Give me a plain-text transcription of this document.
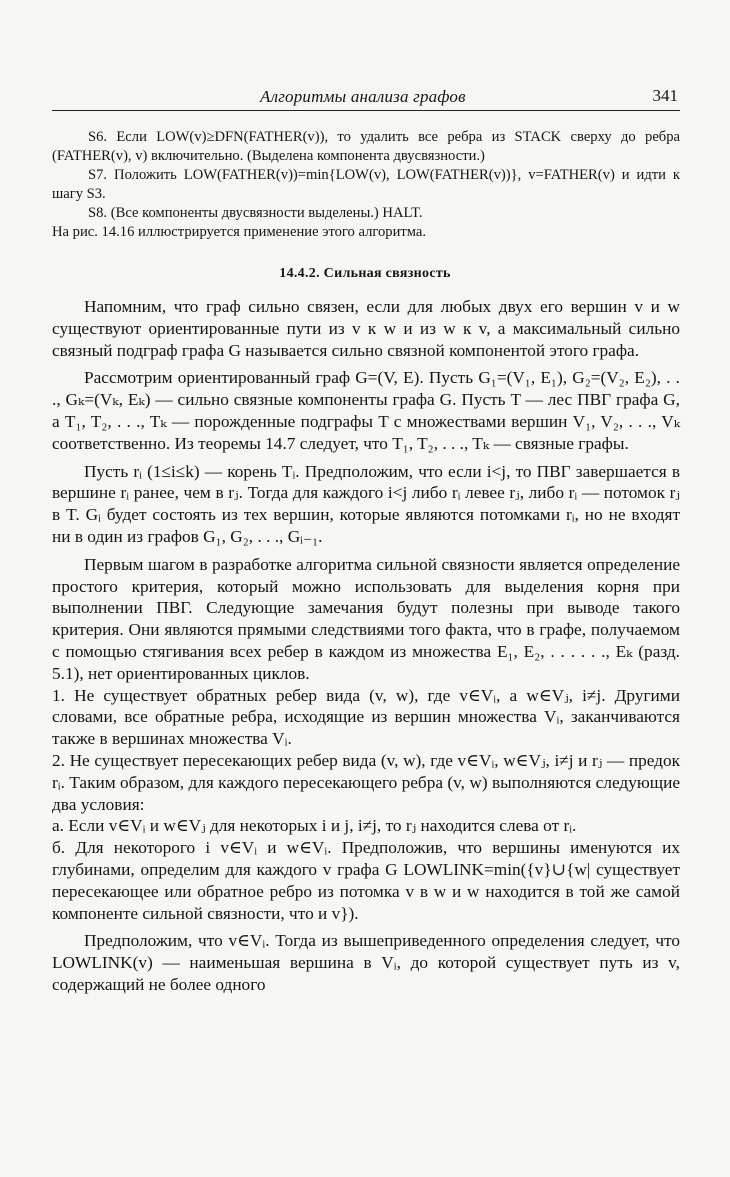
Алгоритмы анализа графов	341

S6. Если LOW(v)≥DFN(FATHER(v)), то удалить все ребра из STACK сверху до ребра (FATHER(v), v) включительно. (Выделена компонента двусвязности.)

S7. Положить LOW(FATHER(v))=min{LOW(v), LOW(FATHER(v))}, v=FATHER(v) и идти к шагу S3.

S8. (Все компоненты двусвязности выделены.) HALT.

На рис. 14.16 иллюстрируется применение этого алгоритма.

14.4.2. Сильная связность

Напомним, что граф сильно связен, если для любых двух его вершин v и w существуют ориентированные пути из v к w и из w к v, а максимальный сильно связный подграф графа G называется сильно связной компонентой этого графа.

Рассмотрим ориентированный граф G=(V, E). Пусть G₁=(V₁, E₁), G₂=(V₂, E₂), . . ., Gₖ=(Vₖ, Eₖ) — сильно связные компоненты графа G. Пусть T — лес ПВГ графа G, а T₁, T₂, . . ., Tₖ — порожденные подграфы T с множествами вершин V₁, V₂, . . ., Vₖ соответственно. Из теоремы 14.7 следует, что T₁, T₂, . . ., Tₖ — связные графы.

Пусть rᵢ (1≤i≤k) — корень Tᵢ. Предположим, что если i<j, то ПВГ завершается в вершине rᵢ ранее, чем в rⱼ. Тогда для каждого i<j либо rᵢ левее rⱼ, либо rᵢ — потомок rⱼ в T. Gᵢ будет состоять из тех вершин, которые являются потомками rᵢ, но не входят ни в один из графов G₁, G₂, . . ., Gᵢ₋₁.

Первым шагом в разработке алгоритма сильной связности является определение простого критерия, который можно использовать для выделения корня при выполнении ПВГ. Следующие замечания будут полезны при выводе такого критерия. Они являются прямыми следствиями того факта, что в графе, получаемом с помощью стягивания всех ребер в каждом из множества E₁, E₂, . . . . . ., Eₖ (разд. 5.1), нет ориентированных циклов.

1. Не существует обратных ребер вида (v, w), где v∈Vᵢ, а w∈Vⱼ, i≠j. Другими словами, все обратные ребра, исходящие из вершин множества Vᵢ, заканчиваются также в вершинах множества Vᵢ.

2. Не существует пересекающих ребер вида (v, w), где v∈Vᵢ, w∈Vⱼ, i≠j и rⱼ — предок rᵢ. Таким образом, для каждого пересекающего ребра (v, w) выполняются следующие два условия:

а. Если v∈Vᵢ и w∈Vⱼ для некоторых i и j, i≠j, то rⱼ находится слева от rᵢ.

б. Для некоторого i v∈Vᵢ и w∈Vᵢ. Предположив, что вершины именуются их глубинами, определим для каждого v графа G LOWLINK=min({v}∪{w| существует пересекающее или обратное ребро из потомка v в w и w находится в той же самой компоненте сильной связности, что и v}).

Предположим, что v∈Vᵢ. Тогда из вышеприведенного определения следует, что LOWLINK(v) — наименьшая вершина в Vᵢ, до которой существует путь из v, содержащий не более одного
